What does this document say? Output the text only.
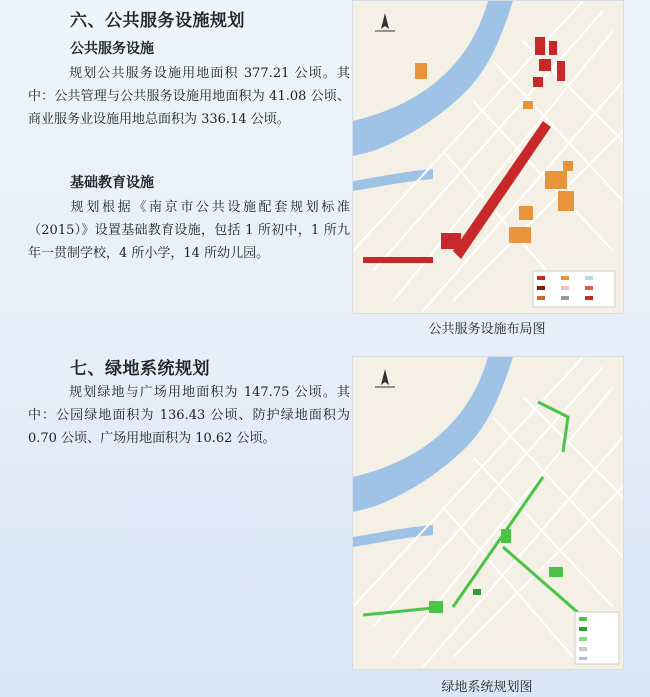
六、公共服务设施规划
公共服务设施
规划公共服务设施用地面积 377.21 公顷。其中：公共管理与公共服务设施用地面积为 41.08 公顷、商业服务业设施用地总面积为 336.14 公顷。
基础教育设施
规划根据《南京市公共设施配套规划标准（2015）》设置基础教育设施，包括 1 所初中，1 所九年一贯制学校，4 所小学，14 所幼儿园。
公共服务设施布局图
七、绿地系统规划
规划绿地与广场用地面积为 147.75 公顷。其中：公园绿地面积为 136.43 公顷、防护绿地面积为 0.70 公顷、广场用地面积为 10.62 公顷。
绿地系统规划图
